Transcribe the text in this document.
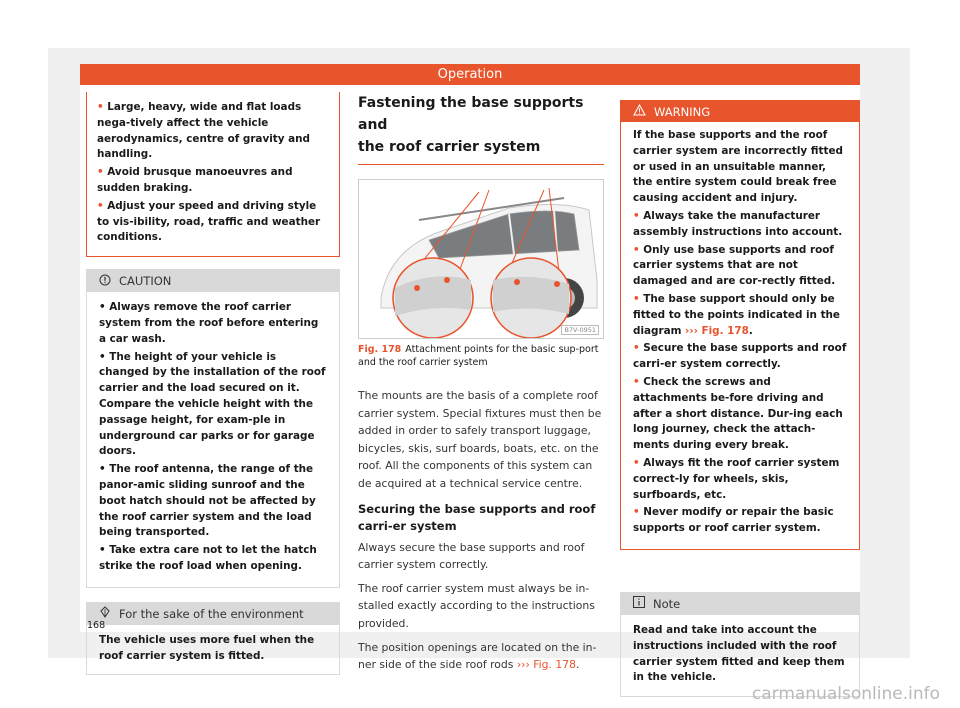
Operation
• Large, heavy, wide and flat loads nega-tively affect the vehicle aerodynamics, centre of gravity and handling.
• Avoid brusque manoeuvres and sudden braking.
• Adjust your speed and driving style to vis-ibility, road, traffic and weather conditions.
CAUTION
• Always remove the roof carrier system from the roof before entering a car wash.
• The height of your vehicle is changed by the installation of the roof carrier and the load secured on it. Compare the vehicle height with the passage height, for exam-ple in underground car parks or for garage doors.
• The roof antenna, the range of the panor-amic sliding sunroof and the boot hatch should not be affected by the roof carrier system and the load being transported.
• Take extra care not to let the hatch strike the roof load when opening.
For the sake of the environment
The vehicle uses more fuel when the roof carrier system is fitted.
Fastening the base supports and
the roof carrier system
B7V-0951
Fig. 178 Attachment points for the basic sup-port and the roof carrier system

The mounts are the basis of a complete roof carrier system. Special fixtures must then be added in order to safely transport luggage, bicycles, skis, surf boards, boats, etc. on the roof. All the components of this system can de acquired at a technical service centre.

Securing the base supports and roof carri-er system

Always secure the base supports and roof carrier system correctly.

The roof carrier system must always be in-stalled exactly according to the instructions provided.

The position openings are located on the in-ner side of the side roof rods ››› Fig. 178.

WARNING
If the base supports and the roof carrier system are incorrectly fitted or used in an unsuitable manner, the entire system could break free causing accident and injury.
• Always take the manufacturer assembly instructions into account.
• Only use base supports and roof carrier systems that are not damaged and are cor-rectly fitted.
• The base support should only be fitted to the points indicated in the diagram ››› Fig. 178.
• Secure the base supports and roof carri-er system correctly.
• Check the screws and attachments be-fore driving and after a short distance. Dur-ing each long journey, check the attach-ments during every break.
• Always fit the roof carrier system correct-ly for wheels, skis, surfboards, etc.
• Never modify or repair the basic supports or roof carrier system.
Note
Read and take into account the instructions included with the roof carrier system fitted and keep them in the vehicle.
168
carmanualsonline.info
